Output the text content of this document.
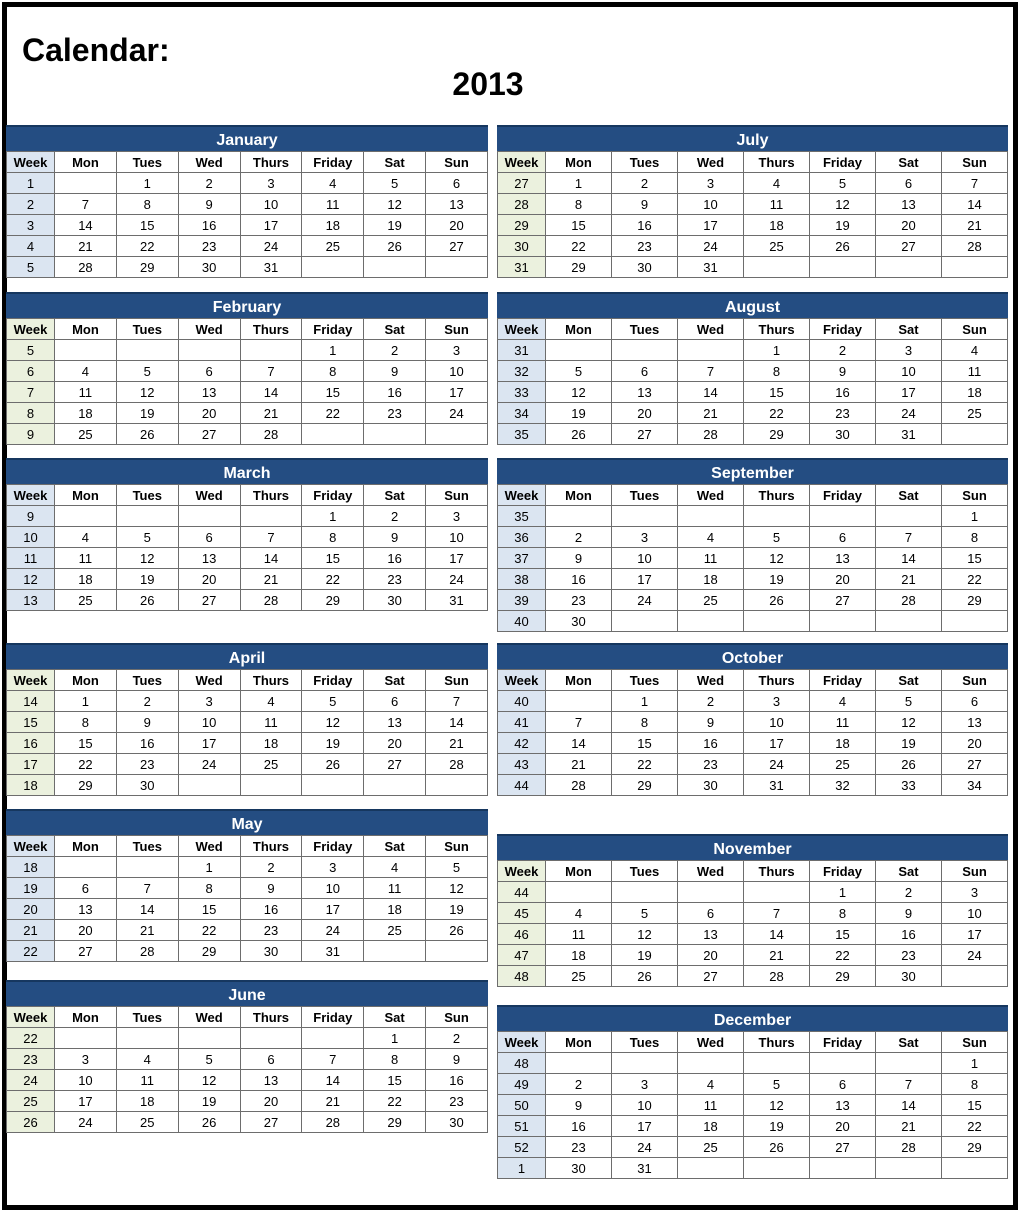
Calendar:
2013
January
Week	Mon	Tues	Wed	Thurs	Friday	Sat	Sun
1		1	2	3	4	5	6
2	7	8	9	10	11	12	13
3	14	15	16	17	18	19	20
4	21	22	23	24	25	26	27
5	28	29	30	31			
February
Week	Mon	Tues	Wed	Thurs	Friday	Sat	Sun
5					1	2	3
6	4	5	6	7	8	9	10
7	11	12	13	14	15	16	17
8	18	19	20	21	22	23	24
9	25	26	27	28			
March
Week	Mon	Tues	Wed	Thurs	Friday	Sat	Sun
9					1	2	3
10	4	5	6	7	8	9	10
11	11	12	13	14	15	16	17
12	18	19	20	21	22	23	24
13	25	26	27	28	29	30	31
April
Week	Mon	Tues	Wed	Thurs	Friday	Sat	Sun
14	1	2	3	4	5	6	7
15	8	9	10	11	12	13	14
16	15	16	17	18	19	20	21
17	22	23	24	25	26	27	28
18	29	30					
May
Week	Mon	Tues	Wed	Thurs	Friday	Sat	Sun
18			1	2	3	4	5
19	6	7	8	9	10	11	12
20	13	14	15	16	17	18	19
21	20	21	22	23	24	25	26
22	27	28	29	30	31		
June
Week	Mon	Tues	Wed	Thurs	Friday	Sat	Sun
22						1	2
23	3	4	5	6	7	8	9
24	10	11	12	13	14	15	16
25	17	18	19	20	21	22	23
26	24	25	26	27	28	29	30
July
Week	Mon	Tues	Wed	Thurs	Friday	Sat	Sun
27	1	2	3	4	5	6	7
28	8	9	10	11	12	13	14
29	15	16	17	18	19	20	21
30	22	23	24	25	26	27	28
31	29	30	31				
August
Week	Mon	Tues	Wed	Thurs	Friday	Sat	Sun
31				1	2	3	4
32	5	6	7	8	9	10	11
33	12	13	14	15	16	17	18
34	19	20	21	22	23	24	25
35	26	27	28	29	30	31	
September
Week	Mon	Tues	Wed	Thurs	Friday	Sat	Sun
35							1
36	2	3	4	5	6	7	8
37	9	10	11	12	13	14	15
38	16	17	18	19	20	21	22
39	23	24	25	26	27	28	29
40	30						
October
Week	Mon	Tues	Wed	Thurs	Friday	Sat	Sun
40		1	2	3	4	5	6
41	7	8	9	10	11	12	13
42	14	15	16	17	18	19	20
43	21	22	23	24	25	26	27
44	28	29	30	31	32	33	34
November
Week	Mon	Tues	Wed	Thurs	Friday	Sat	Sun
44					1	2	3
45	4	5	6	7	8	9	10
46	11	12	13	14	15	16	17
47	18	19	20	21	22	23	24
48	25	26	27	28	29	30	
December
Week	Mon	Tues	Wed	Thurs	Friday	Sat	Sun
48							1
49	2	3	4	5	6	7	8
50	9	10	11	12	13	14	15
51	16	17	18	19	20	21	22
52	23	24	25	26	27	28	29
1	30	31					
